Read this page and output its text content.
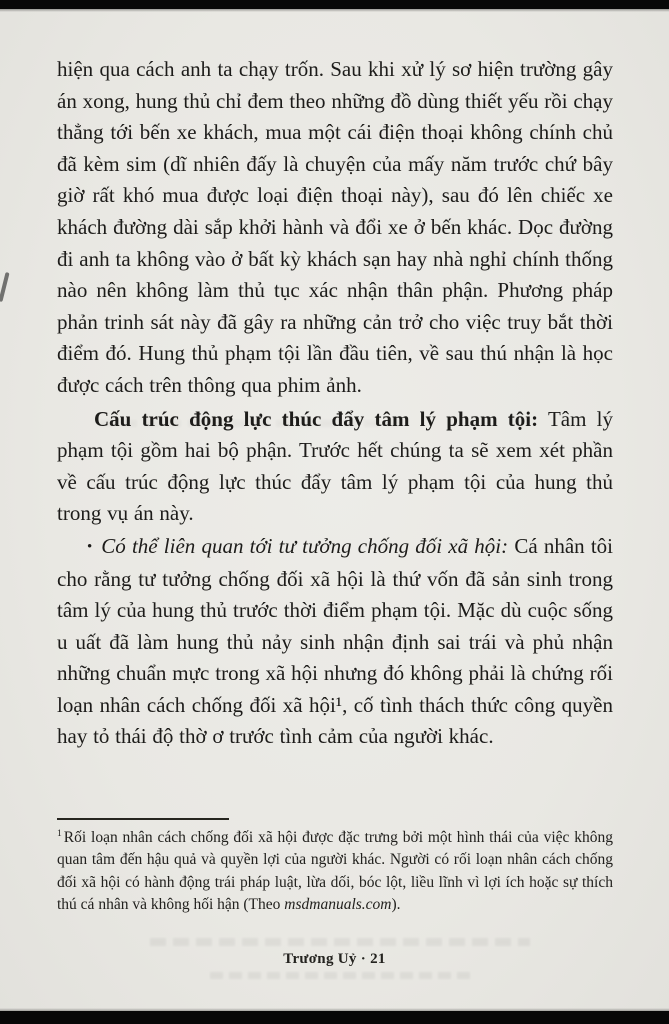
hiện qua cách anh ta chạy trốn. Sau khi xử lý sơ hiện trường gây án xong, hung thủ chỉ đem theo những đồ dùng thiết yếu rồi chạy thẳng tới bến xe khách, mua một cái điện thoại không chính chủ đã kèm sim (dĩ nhiên đấy là chuyện của mấy năm trước chứ bây giờ rất khó mua được loại điện thoại này), sau đó lên chiếc xe khách đường dài sắp khởi hành và đổi xe ở bến khác. Dọc đường đi anh ta không vào ở bất kỳ khách sạn hay nhà nghỉ chính thống nào nên không làm thủ tục xác nhận thân phận. Phương pháp phản trinh sát này đã gây ra những cản trở cho việc truy bắt thời điểm đó. Hung thủ phạm tội lần đầu tiên, về sau thú nhận là học được cách trên thông qua phim ảnh.

Cấu trúc động lực thúc đẩy tâm lý phạm tội: Tâm lý phạm tội gồm hai bộ phận. Trước hết chúng ta sẽ xem xét phần về cấu trúc động lực thúc đẩy tâm lý phạm tội của hung thủ trong vụ án này.

• Có thể liên quan tới tư tưởng chống đối xã hội: Cá nhân tôi cho rằng tư tưởng chống đối xã hội là thứ vốn đã sản sinh trong tâm lý của hung thủ trước thời điểm phạm tội. Mặc dù cuộc sống u uất đã làm hung thủ nảy sinh nhận định sai trái và phủ nhận những chuẩn mực trong xã hội nhưng đó không phải là chứng rối loạn nhân cách chống đối xã hội¹, cố tình thách thức công quyền hay tỏ thái độ thờ ơ trước tình cảm của người khác.

$^1$ Rối loạn nhân cách chống đối xã hội được đặc trưng bởi một hình thái của việc không quan tâm đến hậu quả và quyền lợi của người khác. Người có rối loạn nhân cách chống đối xã hội có hành động trái pháp luật, lừa dối, bóc lột, liều lĩnh vì lợi ích hoặc sự thích thú cá nhân và không hối hận (Theo msdmanuals.com).

Trương Uỷ · 21
